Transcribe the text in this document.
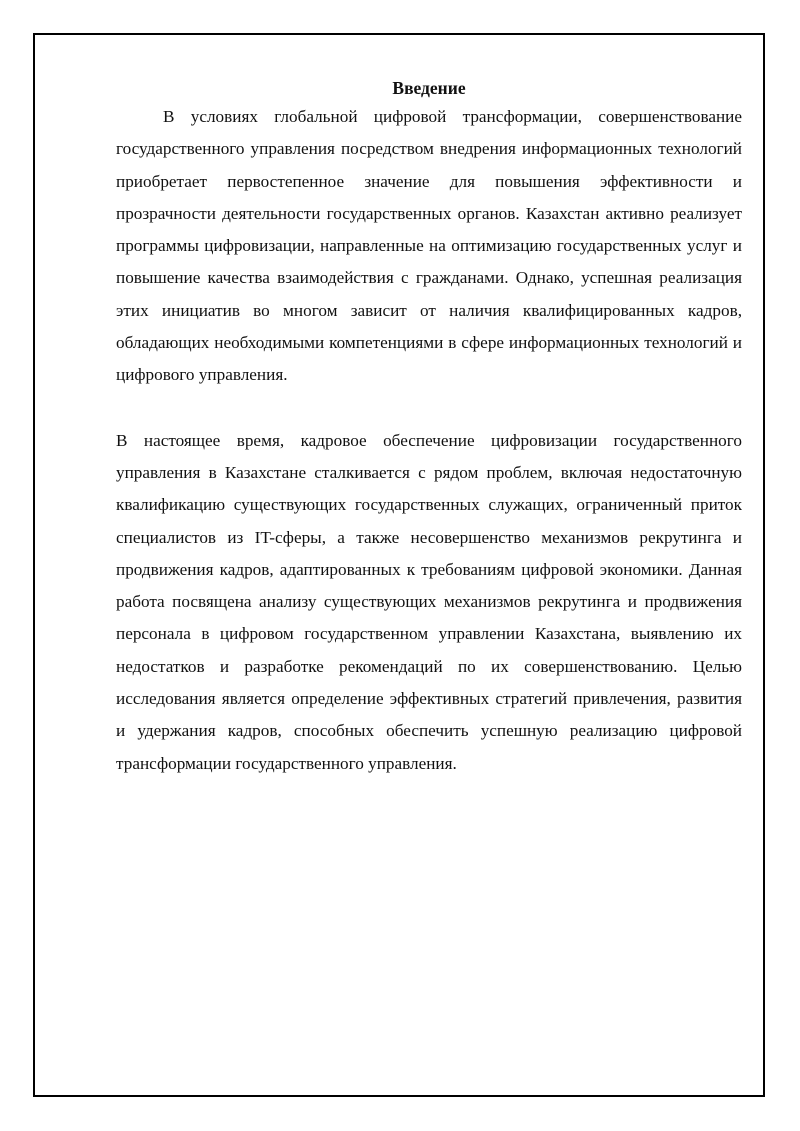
Введение

В условиях глобальной цифровой трансформации, совершенствование государственного управления посредством внедрения информационных технологий приобретает первостепенное значение для повышения эффективности и прозрачности деятельности государственных органов. Казахстан активно реализует программы цифровизации, направленные на оптимизацию государственных услуг и повышение качества взаимодействия с гражданами. Однако, успешная реализация этих инициатив во многом зависит от наличия квалифицированных кадров, обладающих необходимыми компетенциями в сфере информационных технологий и цифрового управления.

В настоящее время, кадровое обеспечение цифровизации государственного управления в Казахстане сталкивается с рядом проблем, включая недостаточную квалификацию существующих государственных служащих, ограниченный приток специалистов из IT-сферы, а также несовершенство механизмов рекрутинга и продвижения кадров, адаптированных к требованиям цифровой экономики. Данная работа посвящена анализу существующих механизмов рекрутинга и продвижения персонала в цифровом государственном управлении Казахстана, выявлению их недостатков и разработке рекомендаций по их совершенствованию. Целью исследования является определение эффективных стратегий привлечения, развития и удержания кадров, способных обеспечить успешную реализацию цифровой трансформации государственного управления.
